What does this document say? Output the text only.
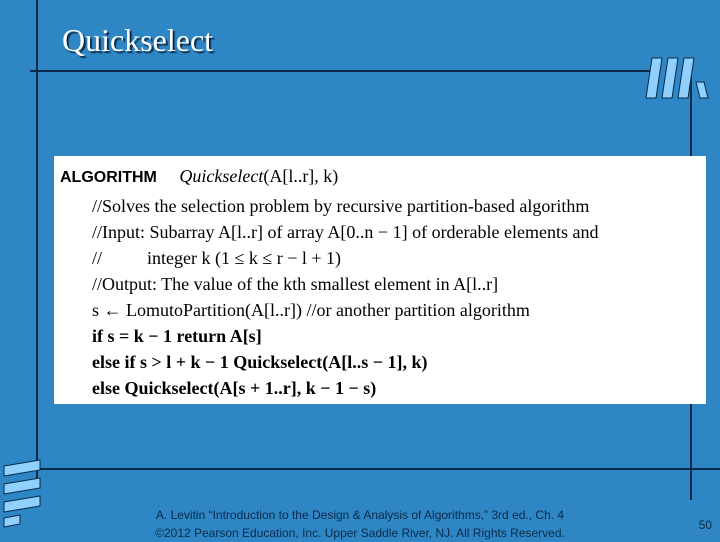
Quickselect
ALGORITHM Quickselect(A[l..r], k)
//Solves the selection problem by recursive partition-based algorithm
//Input: Subarray A[l..r] of array A[0..n − 1] of orderable elements and
//          integer k (1 ≤ k ≤ r − l + 1)
//Output: The value of the kth smallest element in A[l..r]
s ← LomutoPartition(A[l..r]) //or another partition algorithm
if s = k − 1 return A[s]
else if s > l + k − 1 Quickselect(A[l..s − 1], k)
else Quickselect(A[s + 1..r], k − 1 − s)
A. Levitin “Introduction to the Design & Analysis of Algorithms,” 3rd ed., Ch. 4
©2012 Pearson Education, Inc. Upper Saddle River, NJ. All Rights Reserved.
50
